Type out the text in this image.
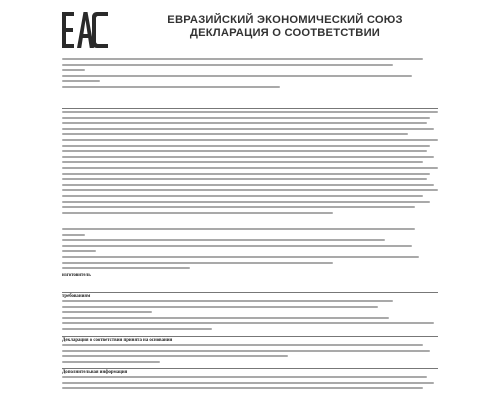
ЕВРАЗИЙСКИЙ ЭКОНОМИЧЕСКИЙ СОЮЗ
ДЕКЛАРАЦИЯ О СООТВЕТСТВИИ
изготовитель
требованиям
Декларация о соответствии принята на основании
Дополнительная информация
